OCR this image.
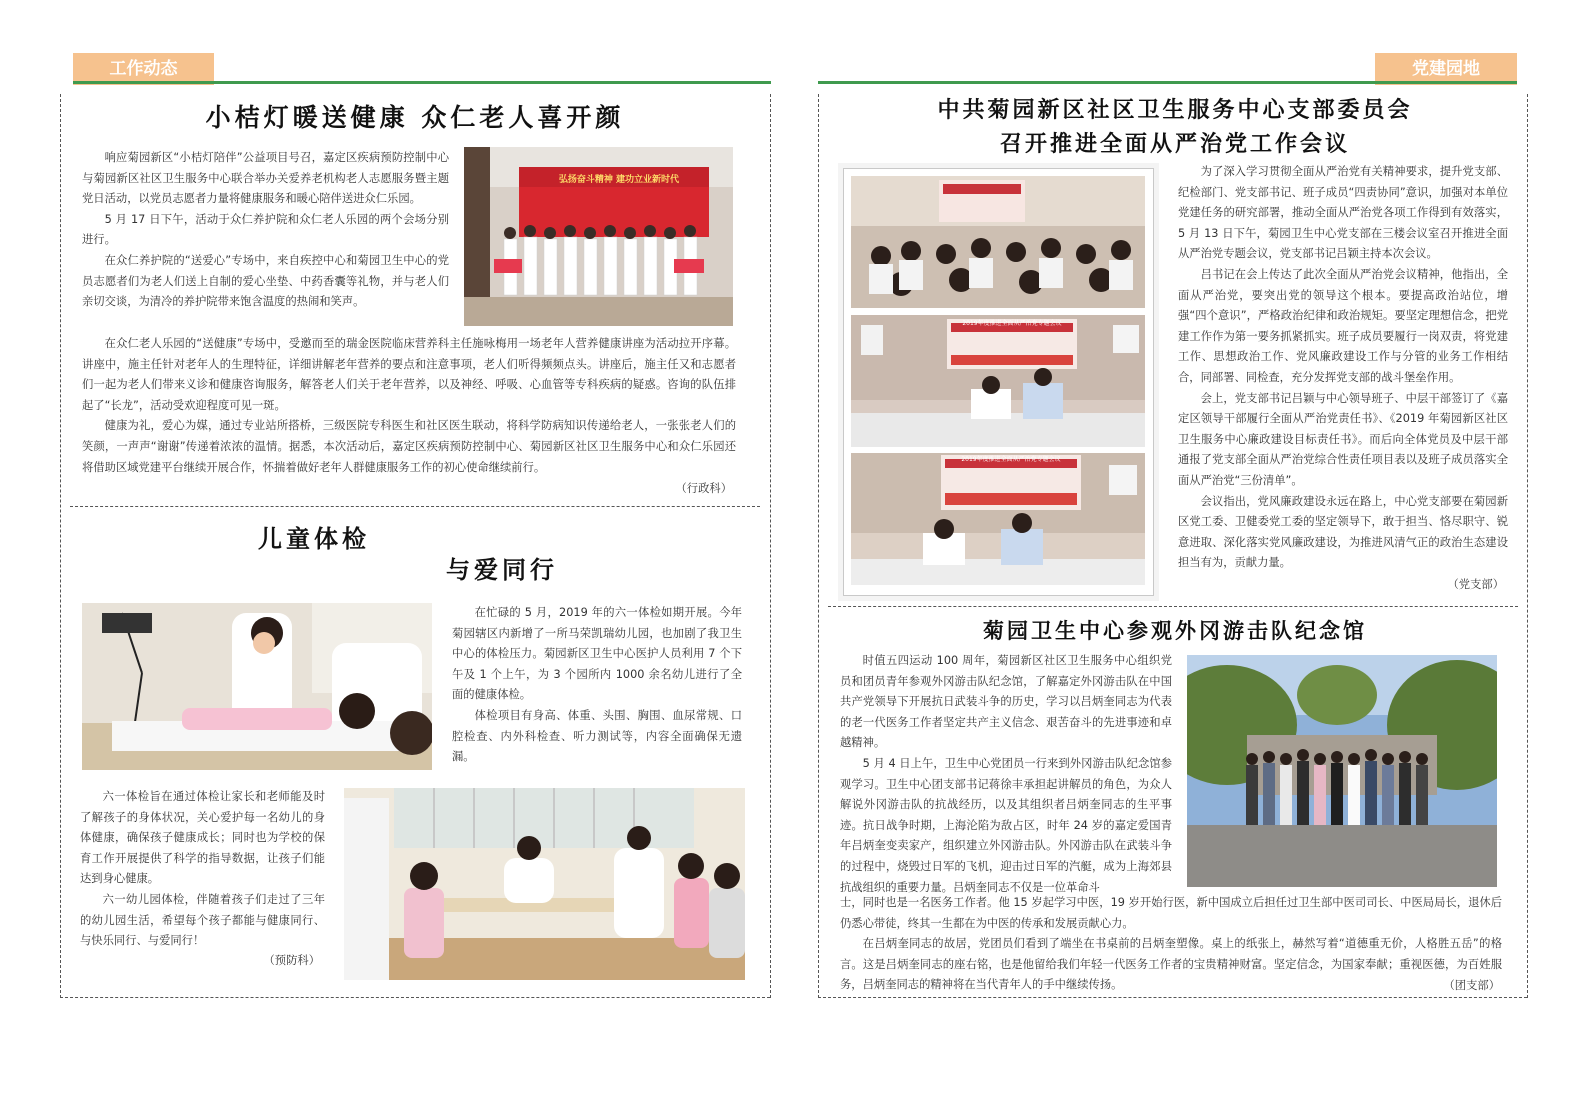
工作动态
小桔灯暖送健康 众仁老人喜开颜
弘扬奋斗精神 建功立业新时代

响应菊园新区“小桔灯陪伴”公益项目号召，嘉定区疾病预防控制中心与菊园新区社区卫生服务中心联合举办关爱养老机构老人志愿服务暨主题党日活动，以党员志愿者力量将健康服务和暖心陪伴送进众仁乐园。

5 月 17 日下午，活动于众仁养护院和众仁老人乐园的两个会场分别进行。

在众仁养护院的“送爱心”专场中，来自疾控中心和菊园卫生中心的党员志愿者们为老人们送上自制的爱心坐垫、中药香囊等礼物，并与老人们亲切交谈，为清冷的养护院带来饱含温度的热闹和笑声。

在众仁老人乐园的“送健康”专场中，受邀而至的瑞金医院临床营养科主任施咏梅用一场老年人营养健康讲座为活动拉开序幕。讲座中，施主任针对老年人的生理特征，详细讲解老年营养的要点和注意事项，老人们听得频频点头。讲座后，施主任又和志愿者们一起为老人们带来义诊和健康咨询服务，解答老人们关于老年营养，以及神经、呼吸、心血管等专科疾病的疑惑。咨询的队伍排起了“长龙”，活动受欢迎程度可见一斑。

健康为礼，爱心为媒，通过专业站所搭桥，三级医院专科医生和社区医生联动，将科学防病知识传递给老人，一张张老人们的笑颜，一声声“谢谢”传递着浓浓的温情。据悉，本次活动后，嘉定区疾病预防控制中心、菊园新区社区卫生服务中心和众仁乐园还将借助区域党建平台继续开展合作，怀揣着做好老年人群健康服务工作的初心使命继续前行。

（行政科）
儿童体检
与爱同行

在忙碌的 5 月，2019 年的六一体检如期开展。今年菊园辖区内新增了一所马荣凯瑞幼儿园，也加剧了我卫生中心的体检压力。菊园新区卫生中心医护人员利用 7 个下午及 1 个上午，为 3 个园所内 1000 余名幼儿进行了全面的健康体检。

体检项目有身高、体重、头围、胸围、血尿常规、口腔检查、内外科检查、听力测试等，内容全面确保无遗漏。

六一体检旨在通过体检让家长和老师能及时了解孩子的身体状况，关心爱护每一名幼儿的身体健康，确保孩子健康成长；同时也为学校的保育工作开展提供了科学的指导数据，让孩子们能达到身心健康。

六一幼儿园体检，伴随着孩子们走过了三年的幼儿园生活，希望每个孩子都能与健康同行、与快乐同行、与爱同行！

（预防科）
党建园地
中共菊园新区社区卫生服务中心支部委员会
召开推进全面从严治党工作会议
2019年度推进全面从严治党专题会议
2019年度推进全面从严治党专题会议

为了深入学习贯彻全面从严治党有关精神要求，提升党支部、纪检部门、党支部书记、班子成员“四责协同”意识，加强对本单位党建任务的研究部署，推动全面从严治党各项工作得到有效落实，5 月 13 日下午，菊园卫生中心党支部在三楼会议室召开推进全面从严治党专题会议，党支部书记吕颖主持本次会议。

吕书记在会上传达了此次全面从严治党会议精神，他指出，全面从严治党，要突出党的领导这个根本。要提高政治站位，增强“四个意识”，严格政治纪律和政治规矩。要坚定理想信念，把党建工作作为第一要务抓紧抓实。班子成员要履行一岗双责，将党建工作、思想政治工作、党风廉政建设工作与分管的业务工作相结合，同部署、同检查，充分发挥党支部的战斗堡垒作用。

会上，党支部书记吕颖与中心领导班子、中层干部签订了《嘉定区领导干部履行全面从严治党责任书》、《2019 年菊园新区社区卫生服务中心廉政建设目标责任书》。而后向全体党员及中层干部通报了党支部全面从严治党综合性责任项目表以及班子成员落实全面从严治党“三份清单”。

会议指出，党风廉政建设永远在路上，中心党支部要在菊园新区党工委、卫健委党工委的坚定领导下，敢于担当、恪尽职守、锐意进取、深化落实党风廉政建设，为推进风清气正的政治生态建设担当有为，贡献力量。

（党支部）
菊园卫生中心参观外冈游击队纪念馆

时值五四运动 100 周年，菊园新区社区卫生服务中心组织党员和团员青年参观外冈游击队纪念馆，了解嘉定外冈游击队在中国共产党领导下开展抗日武装斗争的历史，学习以吕炳奎同志为代表的老一代医务工作者坚定共产主义信念、艰苦奋斗的先进事迹和卓越精神。

5 月 4 日上午，卫生中心党团员一行来到外冈游击队纪念馆参观学习。卫生中心团支部书记蒋徐丰承担起讲解员的角色，为众人解说外冈游击队的抗战经历，以及其组织者吕炳奎同志的生平事迹。抗日战争时期，上海沦陷为敌占区，时年 24 岁的嘉定爱国青年吕炳奎变卖家产，组织建立外冈游击队。外冈游击队在武装斗争的过程中，烧毁过日军的飞机，迎击过日军的汽艇，成为上海郊县抗战组织的重要力量。吕炳奎同志不仅是一位革命斗

士，同时也是一名医务工作者。他 15 岁起学习中医，19 岁开始行医，新中国成立后担任过卫生部中医司司长、中医局局长，退休后仍悉心带徒，终其一生都在为中医的传承和发展贡献心力。

在吕炳奎同志的故居，党团员们看到了端坐在书桌前的吕炳奎塑像。桌上的纸张上，赫然写着“道德重无价，人格胜五岳”的格言。这是吕炳奎同志的座右铭，也是他留给我们年轻一代医务工作者的宝贵精神财富。坚定信念，为国家奉献；重视医德，为百姓服务，吕炳奎同志的精神将在当代青年人的手中继续传扬。	（团支部）
